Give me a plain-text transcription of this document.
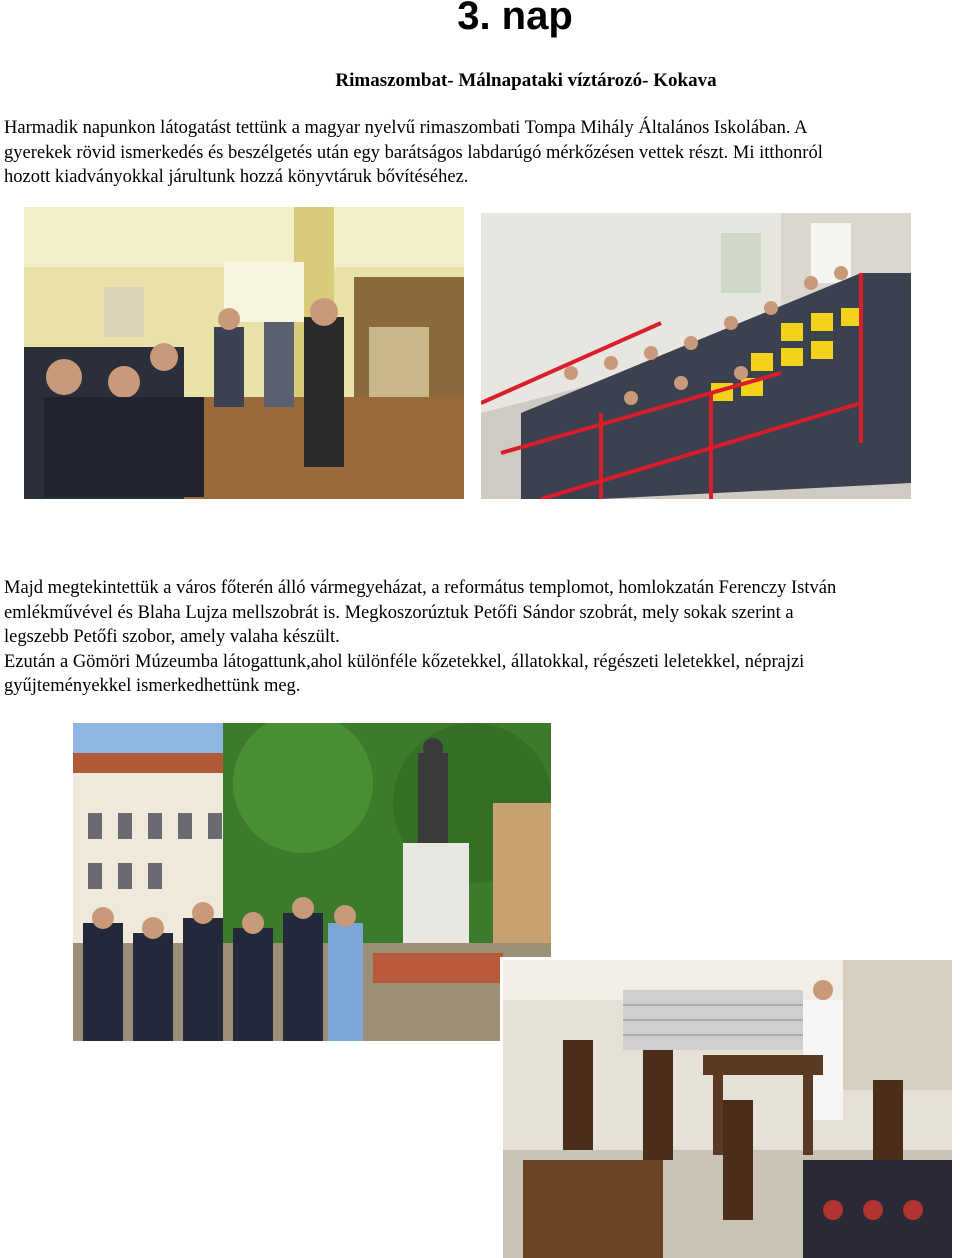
3. nap
Rimaszombat- Málnapataki víztározó- Kokava
Harmadik napunkon látogatást tettünk a magyar nyelvű rimaszombati Tompa Mihály Általános Iskolában. A
gyerekek rövid ismerkedés és beszélgetés után egy barátságos labdarúgó mérkőzésen vettek részt. Mi itthonról
hozott kiadványokkal járultunk hozzá könyvtáruk bővítéséhez.
Majd megtekintettük a város főterén álló vármegyeházat, a református templomot, homlokzatán Ferenczy István
emlékművével és Blaha Lujza mellszobrát is. Megkoszorúztuk Petőfi Sándor szobrát, mely sokak szerint a
legszebb Petőfi szobor, amely valaha készült.
Ezután a Gömöri Múzeumba látogattunk,ahol különféle kőzetekkel, állatokkal, régészeti leletekkel, néprajzi
gyűjteményekkel ismerkedhettünk meg.
